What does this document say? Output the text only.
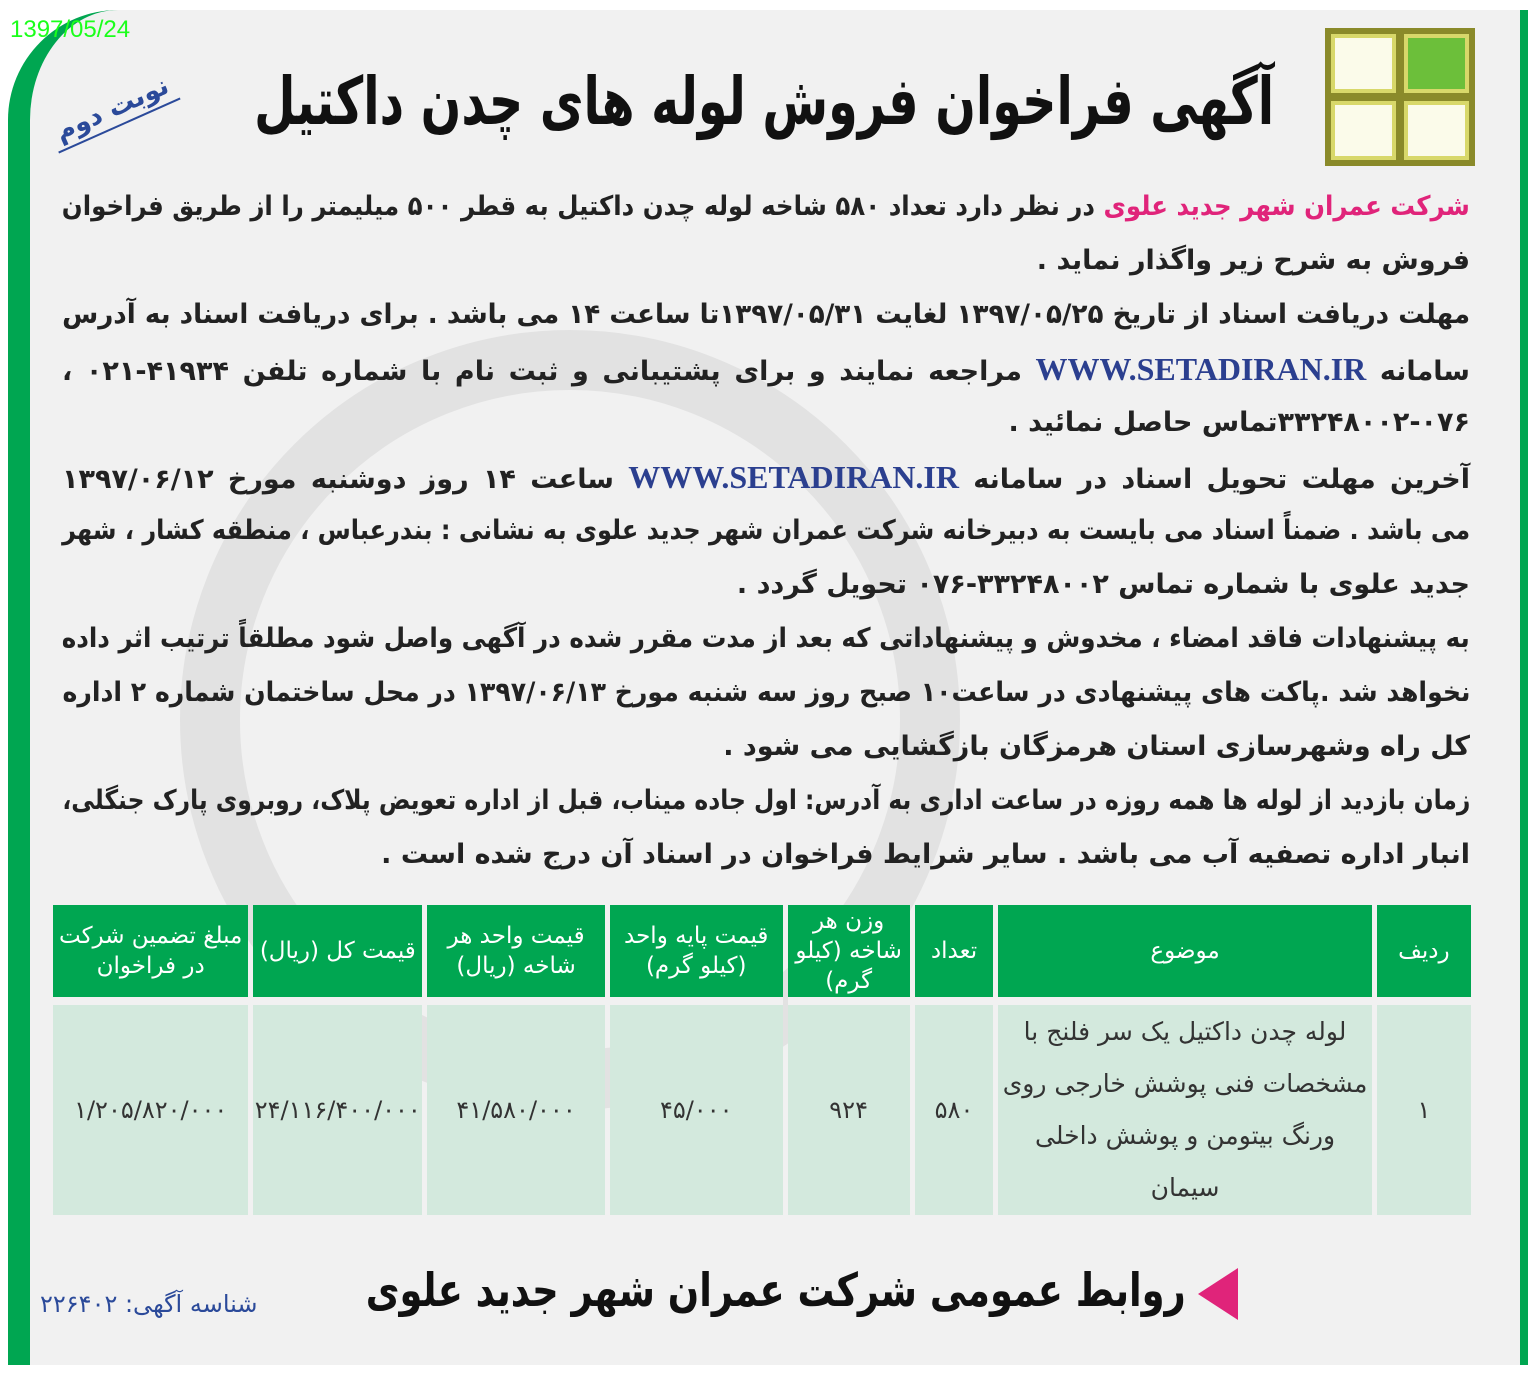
1397/05/24
نوبت دوم آگهی فراخوان فروش لوله های چدن داکتیل
شرکت عمران شهر جدید علوی در نظر دارد تعداد ۵۸۰ شاخه لوله چدن داکتیل به قطر ۵۰۰ میلیمتر را از طریق فراخوان
فروش به شرح زیر واگذار نماید .
مهلت دریافت اسناد از تاریخ ۱۳۹۷/۰۵/۲۵ لغایت ۱۳۹۷/۰۵/۳۱تا ساعت ۱۴ می باشد . برای دریافت اسناد به آدرس
سامانه WWW.SETADIRAN.IR مراجعه نمایند و برای پشتیبانی و ثبت نام با شماره تلفن ۴۱۹۳۴-۰۲۱ ،
۳۳۲۴۸۰۰۲-۰۷۶تماس حاصل نمائید .
آخرین مهلت تحویل اسناد در سامانه WWW.SETADIRAN.IR ساعت ۱۴ روز دوشنبه مورخ ۱۳۹۷/۰۶/۱۲
می باشد . ضمناً اسناد می بایست به دبیرخانه شرکت عمران شهر جدید علوی به نشانی : بندرعباس ، منطقه کشار ، شهر
جدید علوی با شماره تماس ۳۳۲۴۸۰۰۲-۰۷۶ تحویل گردد .
به پیشنهادات فاقد امضاء ، مخدوش و پیشنهاداتی که بعد از مدت مقرر شده در آگهی واصل شود مطلقاً ترتیب اثر داده
نخواهد شد .پاکت های پیشنهادی در ساعت۱۰ صبح روز سه شنبه مورخ ۱۳۹۷/۰۶/۱۳ در محل ساختمان شماره ۲ اداره
کل راه وشهرسازی استان هرمزگان بازگشایی می شود .
زمان بازدید از لوله ها همه روزه در ساعت اداری به آدرس: اول جاده میناب، قبل از اداره تعویض پلاک، روبروی پارک جنگلی،
انبار اداره تصفیه آب می باشد . سایر شرایط فراخوان در اسناد آن درج شده است .
ردیف	موضوع	تعداد	وزن هر شاخه (کیلو گرم)	قیمت پایه واحد (کیلو گرم)	قیمت واحد هر شاخه (ریال)	قیمت کل (ریال)	مبلغ تضمین شرکت در فراخوان
۱	لوله چدن داکتیل یک سر فلنج با مشخصات فنی پوشش خارجی روی ورنگ بیتومن و پوشش داخلی سیمان	۵۸۰	۹۲۴	۴۵/۰۰۰	۴۱/۵۸۰/۰۰۰	۲۴/۱۱۶/۴۰۰/۰۰۰	۱/۲۰۵/۸۲۰/۰۰۰
روابط عمومی شرکت عمران شهر جدید علوی
شناسه آگهی: ۲۲۶۴۰۲
